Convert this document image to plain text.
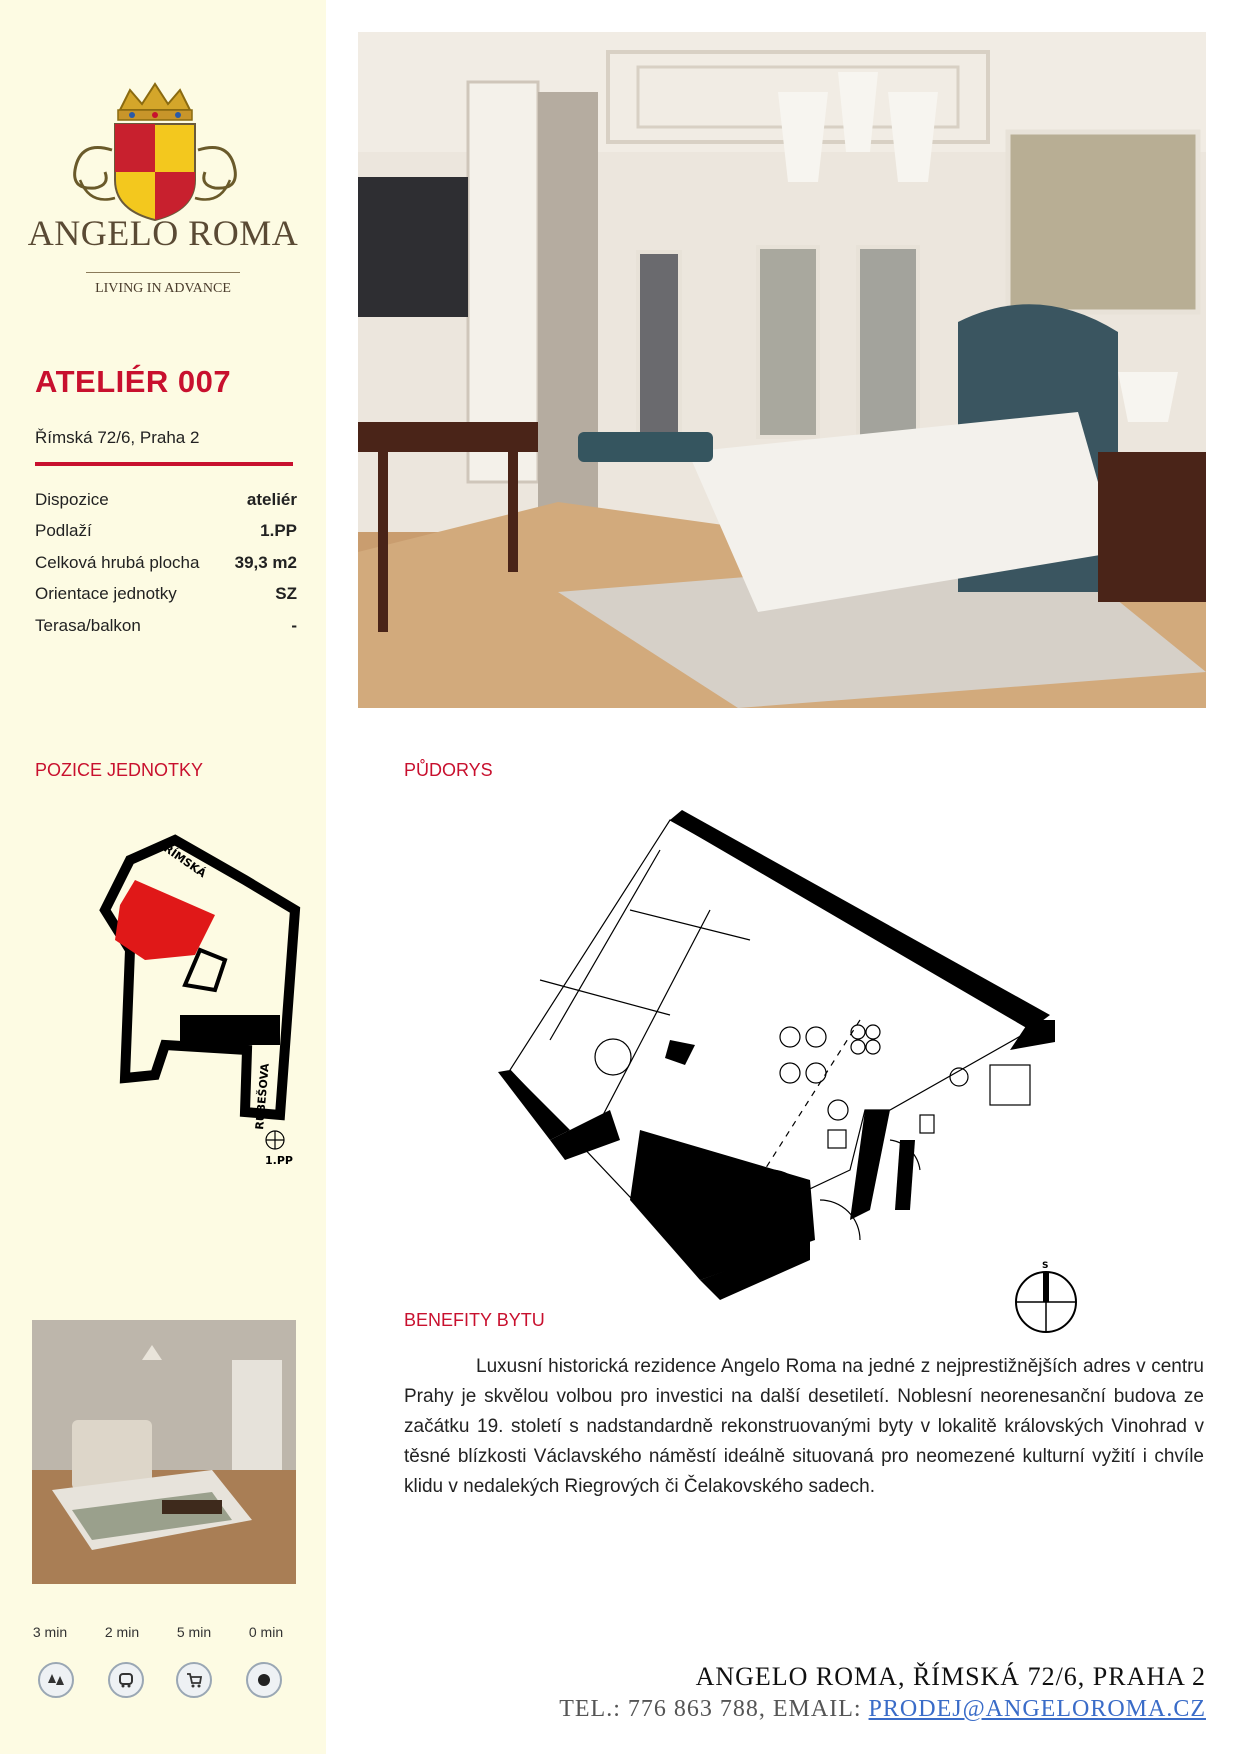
ANGELO ROMA
LIVING IN ADVANCE
ATELIÉR 007
Římská 72/6, Praha 2
Dispozice	ateliér
Podlaží	1.PP
Celková hrubá plocha 39,3 m2
Orientace jednotky	SZ
Terasa/balkon	-
POZICE JEDNOTKY
ŘÍMSKÁ
RUBEŠOVA
1.PP
3 min	2 min	5 min	0 min
PŮDORYS
S
BENEFITY BYTU
Luxusní historická rezidence Angelo Roma na jedné z nejprestižnějších adres v centru Prahy je skvělou volbou pro investici na další desetiletí. Noblesní neorenesanční budova ze začátku 19. století s nadstandardně rekonstruovanými byty v lokalitě královských Vinohrad v těsné blízkosti Václavského náměstí ideálně situovaná pro neomezené kulturní vyžití i chvíle klidu v nedalekých Riegrových či Čelakovského sadech.
ANGELO ROMA, ŘÍMSKÁ 72/6, PRAHA 2
TEL.: 776 863 788, EMAIL: PRODEJ@ANGELOROMA.CZ
